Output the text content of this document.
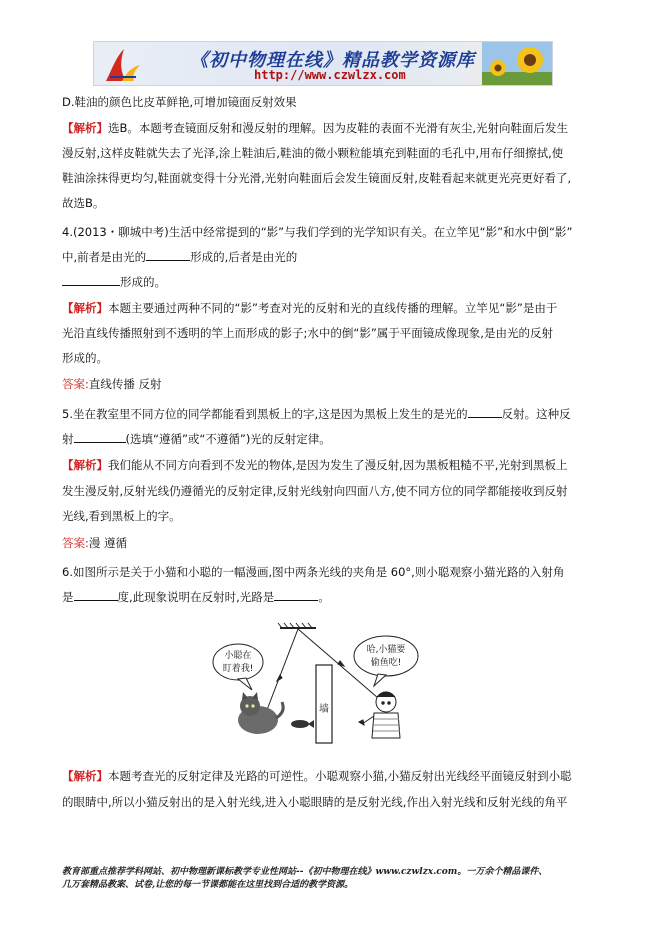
《初中物理在线》精品教学资源库
http://www.czwlzx.com
D.鞋油的颜色比皮革鲜艳,可增加镜面反射效果
【解析】选B。本题考查镜面反射和漫反射的理解。因为皮鞋的表面不光滑有灰尘,光射向鞋面后发生
漫反射,这样皮鞋就失去了光泽,涂上鞋油后,鞋油的微小颗粒能填充到鞋面的毛孔中,用布仔细擦拭,使
鞋油涂抹得更均匀,鞋面就变得十分光滑,光射向鞋面后会发生镜面反射,皮鞋看起来就更光亮更好看了,
故选B。
4.(2013・聊城中考)生活中经常提到的“影”与我们学到的光学知识有关。在立竿见“影”和水中倒“影”
中,前者是由光的	形成的,后者是由光的
形成的。
【解析】本题主要通过两种不同的“影”考查对光的反射和光的直线传播的理解。立竿见“影”是由于
光沿直线传播照射到不透明的竿上而形成的影子;水中的倒“影”属于平面镜成像现象,是由光的反射
形成的。
答案:直线传播 反射
5.坐在教室里不同方位的同学都能看到黑板上的字,这是因为黑板上发生的是光的	反射。这种反
射	(选填“遵循”或“不遵循”)光的反射定律。
【解析】我们能从不同方向看到不发光的物体,是因为发生了漫反射,因为黑板粗糙不平,光射到黑板上
发生漫反射,反射光线仍遵循光的反射定律,反射光线射向四面八方,使不同方位的同学都能接收到反射
光线,看到黑板上的字。
答案:漫 遵循
6.如图所示是关于小猫和小聪的一幅漫画,图中两条光线的夹角是 60°,则小聪观察小猫光路的入射角
是	度,此现象说明在反射时,光路是	。
墙
小聪在
盯着我!
哈,小猫要
偷鱼吃!
【解析】本题考查光的反射定律及光路的可逆性。小聪观察小猫,小猫反射出光线经平面镜反射到小聪
的眼睛中,所以小猫反射出的是入射光线,进入小聪眼睛的是反射光线,作出入射光线和反射光线的角平
教育部重点推荐学科网站、初中物理新课标教学专业性网站--《初中物理在线》www.czwlzx.com。一万余个精品课件、
几万套精品教案、试卷,让您的每一节课都能在这里找到合适的教学资源。
